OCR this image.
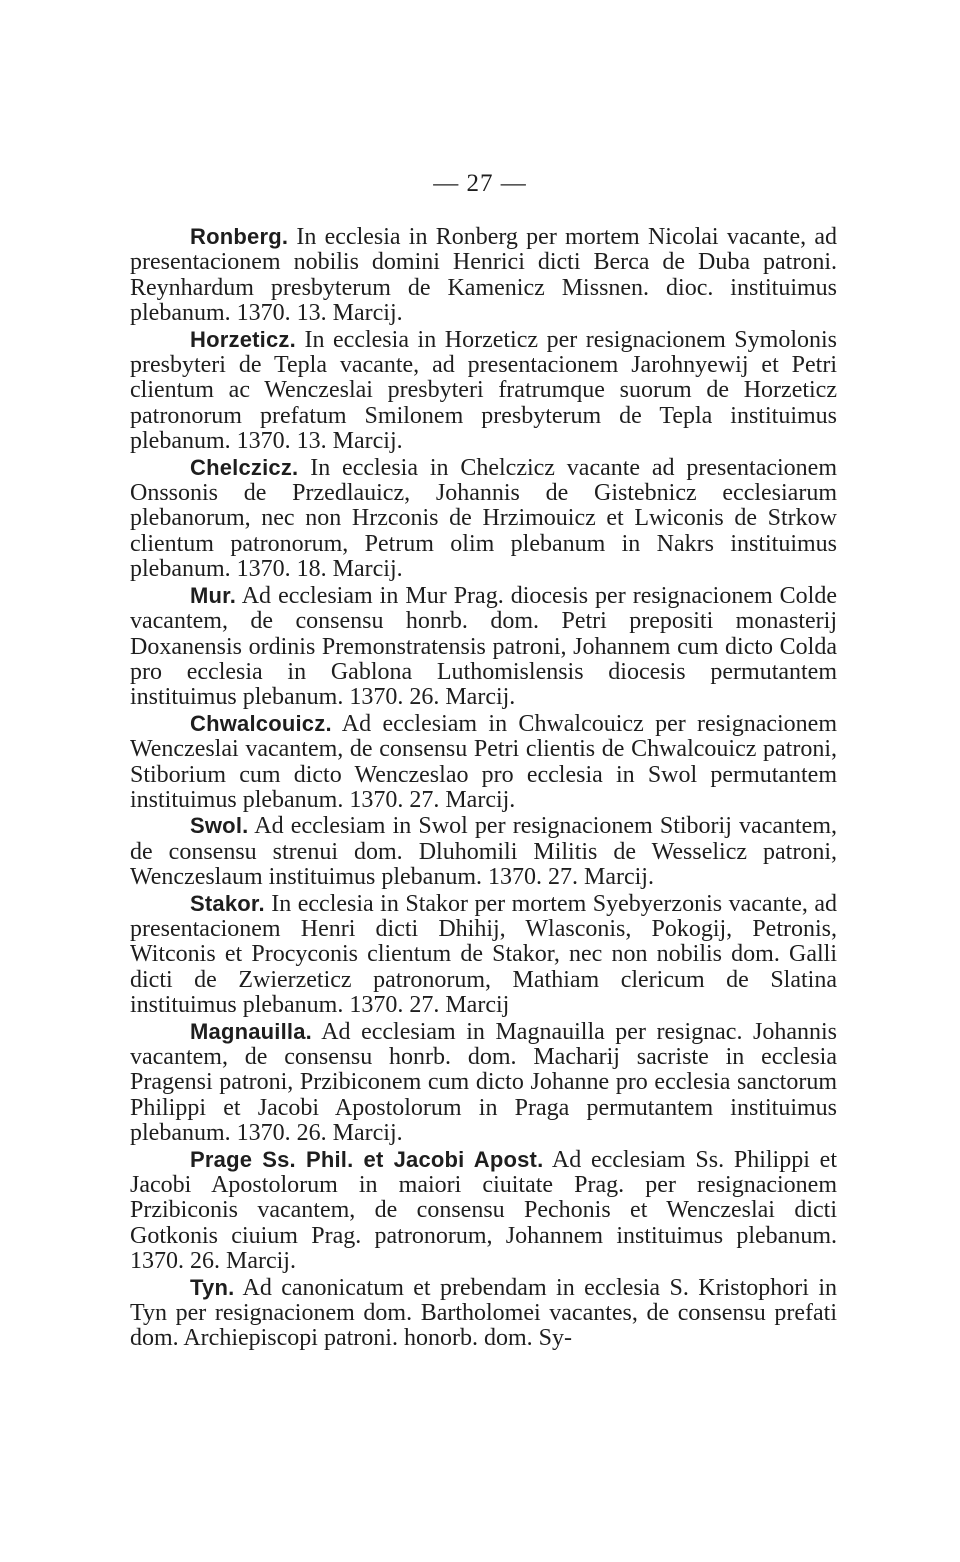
— 27 —

Ronberg. In ecclesia in Ronberg per mortem Nicolai vacante, ad presentacionem nobilis domini Henrici dicti Berca de Duba patroni. Reynhardum presbyterum de Kamenicz Missnen. dioc. instituimus plebanum. 1370. 13. Marcij.

Horzeticz. In ecclesia in Horzeticz per resignacionem Symolonis presbyteri de Tepla vacante, ad presentacionem Jarohnyewij et Petri clientum ac Wenczeslai presbyteri fratrumque suorum de Horzeticz patronorum prefatum Smilonem presbyterum de Tepla instituimus plebanum. 1370. 13. Marcij.

Chelczicz. In ecclesia in Chelczicz vacante ad presentacionem Onssonis de Przedlauicz, Johannis de Gistebnicz ecclesiarum plebanorum, nec non Hrzconis de Hrzimouicz et Lwiconis de Strkow clientum patronorum, Petrum olim plebanum in Nakrs instituimus plebanum. 1370. 18. Marcij.

Mur. Ad ecclesiam in Mur Prag. diocesis per resignacionem Colde vacantem, de consensu honrb. dom. Petri prepositi monasterij Doxanensis ordinis Premonstratensis patroni, Johannem cum dicto Colda pro ecclesia in Gablona Luthomislensis diocesis permutantem instituimus plebanum. 1370. 26. Marcij.

Chwalcouicz. Ad ecclesiam in Chwalcouicz per resignacionem Wenczeslai vacantem, de consensu Petri clientis de Chwalcouicz patroni, Stiborium cum dicto Wenczeslao pro ecclesia in Swol permutantem instituimus plebanum. 1370. 27. Marcij.

Swol. Ad ecclesiam in Swol per resignacionem Stiborij vacantem, de consensu strenui dom. Dluhomili Militis de Wesselicz patroni, Wenczeslaum instituimus plebanum. 1370. 27. Marcij.

Stakor. In ecclesia in Stakor per mortem Syebyerzonis vacante, ad presentacionem Henri dicti Dhihij, Wlasconis, Pokogij, Petronis, Witconis et Procyconis clientum de Stakor, nec non nobilis dom. Galli dicti de Zwierzeticz patronorum, Mathiam clericum de Slatina instituimus plebanum. 1370. 27. Marcij

Magnauilla. Ad ecclesiam in Magnauilla per resignac. Johannis vacantem, de consensu honrb. dom. Macharij sacriste in ecclesia Pragensi patroni, Przibiconem cum dicto Johanne pro ecclesia sanctorum Philippi et Jacobi Apostolorum in Praga permutantem instituimus plebanum. 1370. 26. Marcij.

Prage Ss. Phil. et Jacobi Apost. Ad ecclesiam Ss. Philippi et Jacobi Apostolorum in maiori ciuitate Prag. per resignacionem Przibiconis vacantem, de consensu Pechonis et Wenczeslai dicti Gotkonis ciuium Prag. patronorum, Johannem instituimus plebanum. 1370. 26. Marcij.

Tyn. Ad canonicatum et prebendam in ecclesia S. Kristophori in Tyn per resignacionem dom. Bartholomei vacantes, de consensu prefati dom. Archiepiscopi patroni. honorb. dom. Sy-
